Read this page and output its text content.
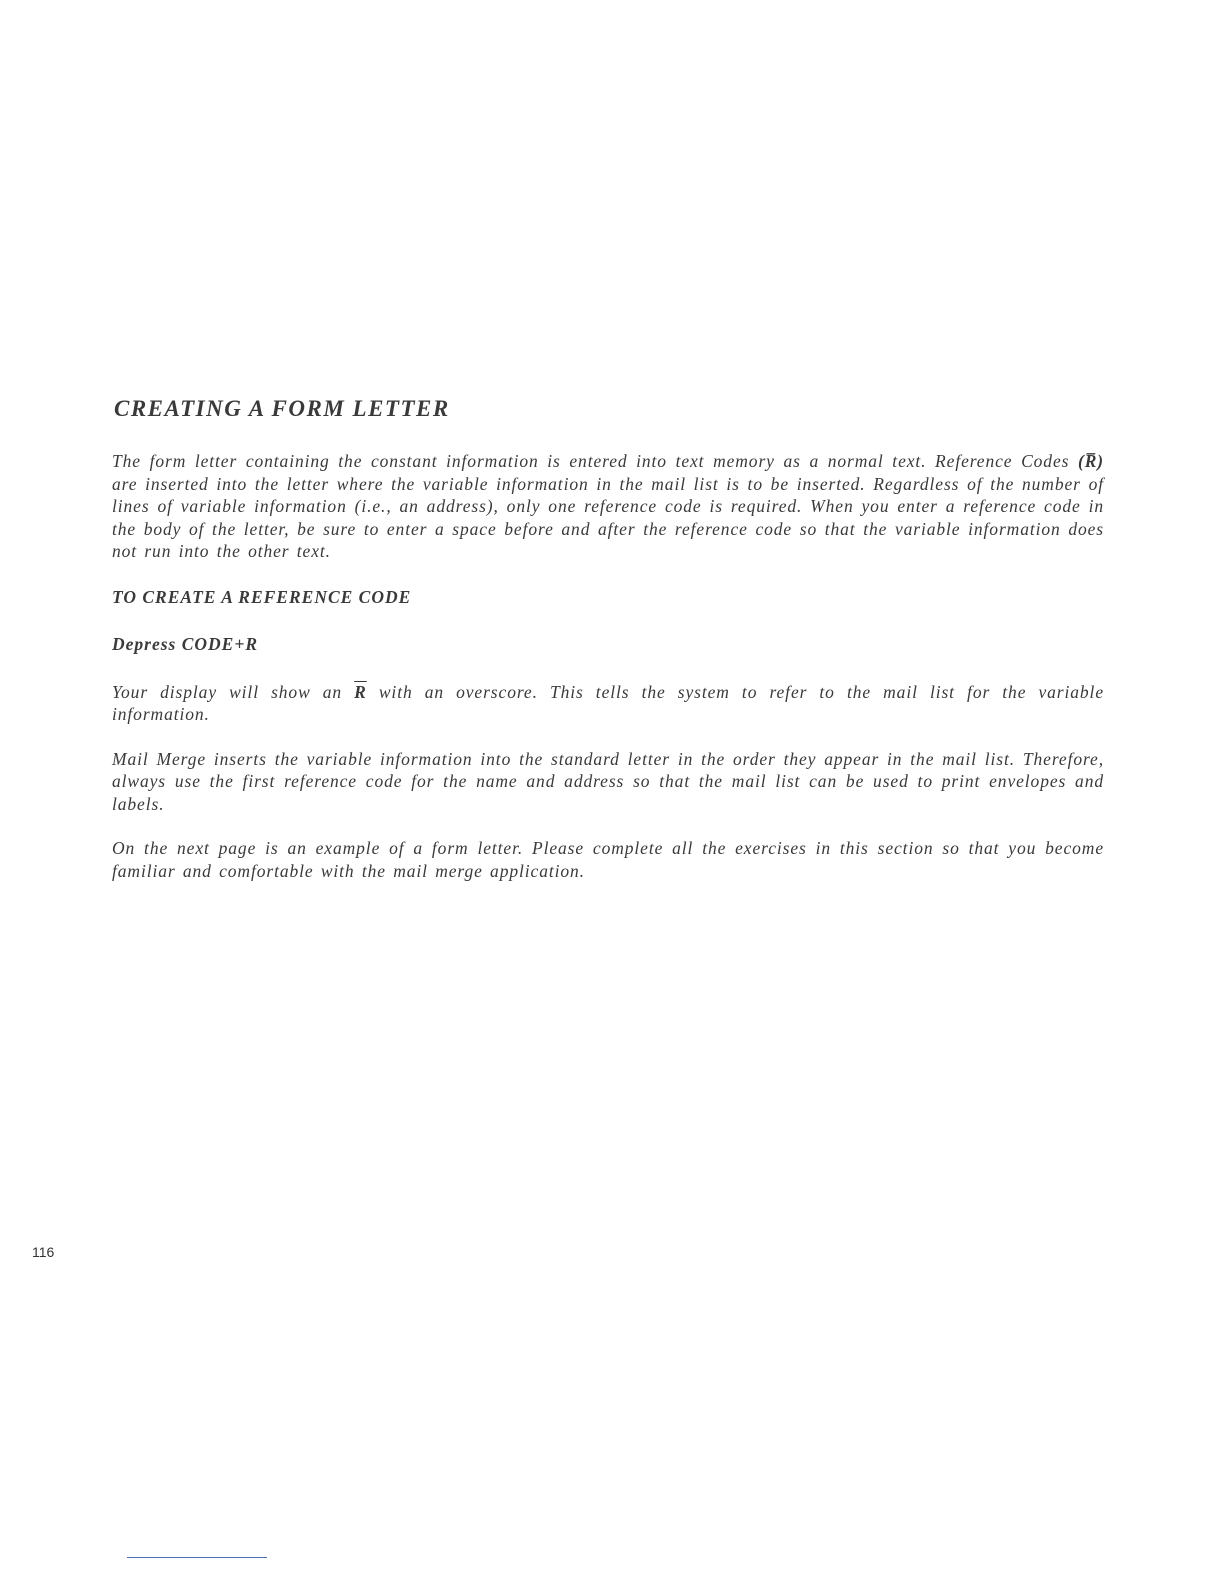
CREATING A FORM LETTER

The form letter containing the constant information is entered into text memory as a normal text. Reference Codes (R̅) are inserted into the letter where the variable information in the mail list is to be inserted. Regardless of the number of lines of variable information (i.e., an address), only one reference code is required. When you enter a reference code in the body of the letter, be sure to enter a space before and after the reference code so that the variable information does not run into the other text.

TO CREATE A REFERENCE CODE

Depress CODE+R

Your display will show an $\overline{R}$ with an overscore. This tells the system to refer to the mail list for the variable information.

Mail Merge inserts the variable information into the standard letter in the order they appear in the mail list. Therefore, always use the first reference code for the name and address so that the mail list can be used to print envelopes and labels.

On the next page is an example of a form letter. Please complete all the exercises in this section so that you become familiar and comfortable with the mail merge application.

116
